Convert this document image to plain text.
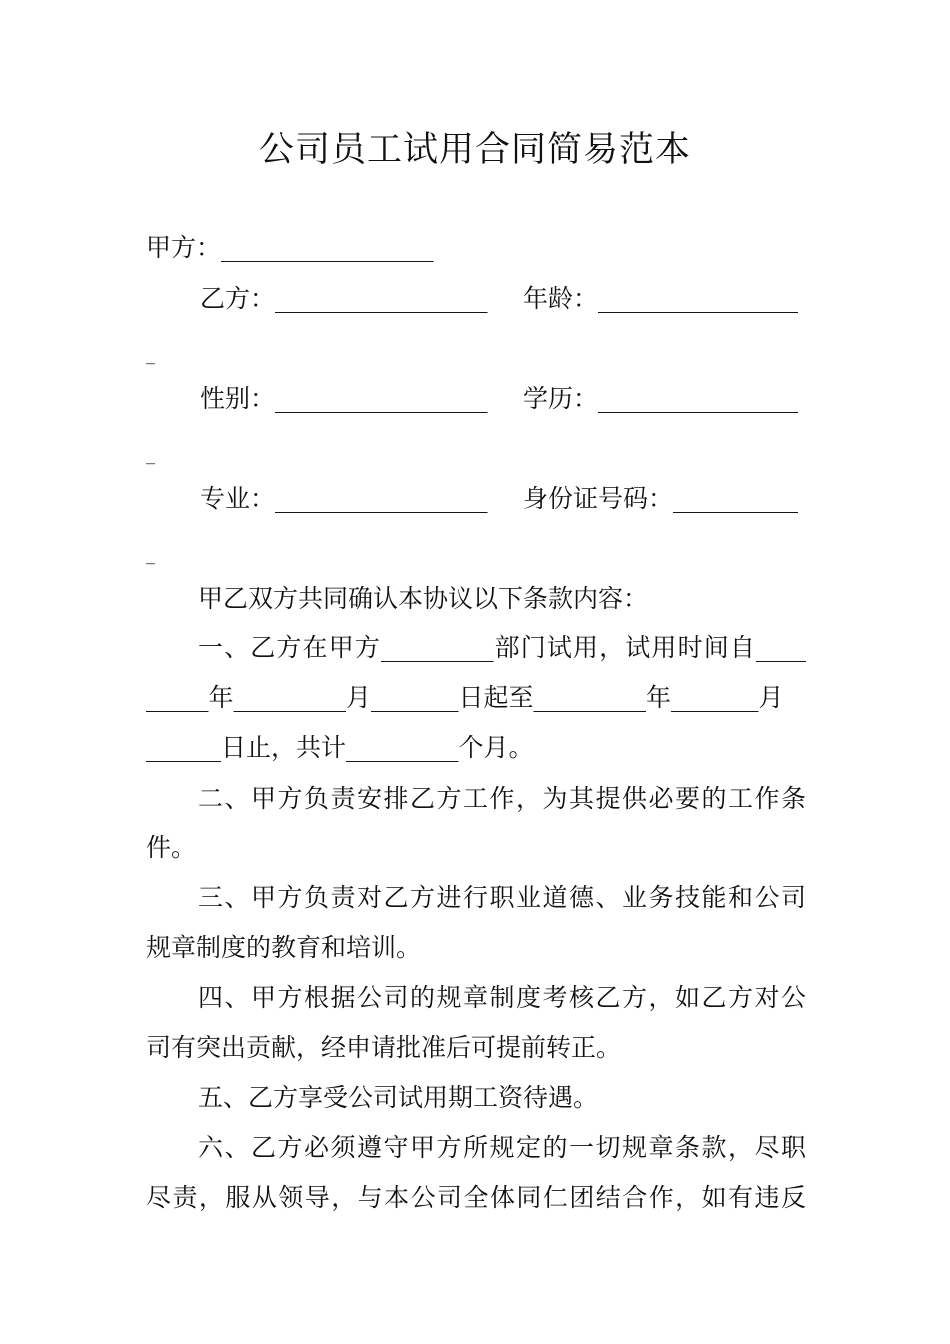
公司员工试用合同简易范本
甲方：_________________
乙方：_________________ 年龄：________________
_
性别：_________________ 学历：________________
_
专业：_________________ 身份证号码：__________
_
甲乙双方共同确认本协议以下条款内容：
一、乙方在甲方_________部门试用，试用时间自____
_____年_________月_______日起至_________年_______月
______日止，共计_________个月。
二、甲方负责安排乙方工作，为其提供必要的工作条
件。
三、甲方负责对乙方进行职业道德、业务技能和公司
规章制度的教育和培训。
四、甲方根据公司的规章制度考核乙方，如乙方对公
司有突出贡献，经申请批准后可提前转正。
五、乙方享受公司试用期工资待遇。
六、乙方必须遵守甲方所规定的一切规章条款，尽职
尽责，服从领导，与本公司全体同仁团结合作，如有违反
